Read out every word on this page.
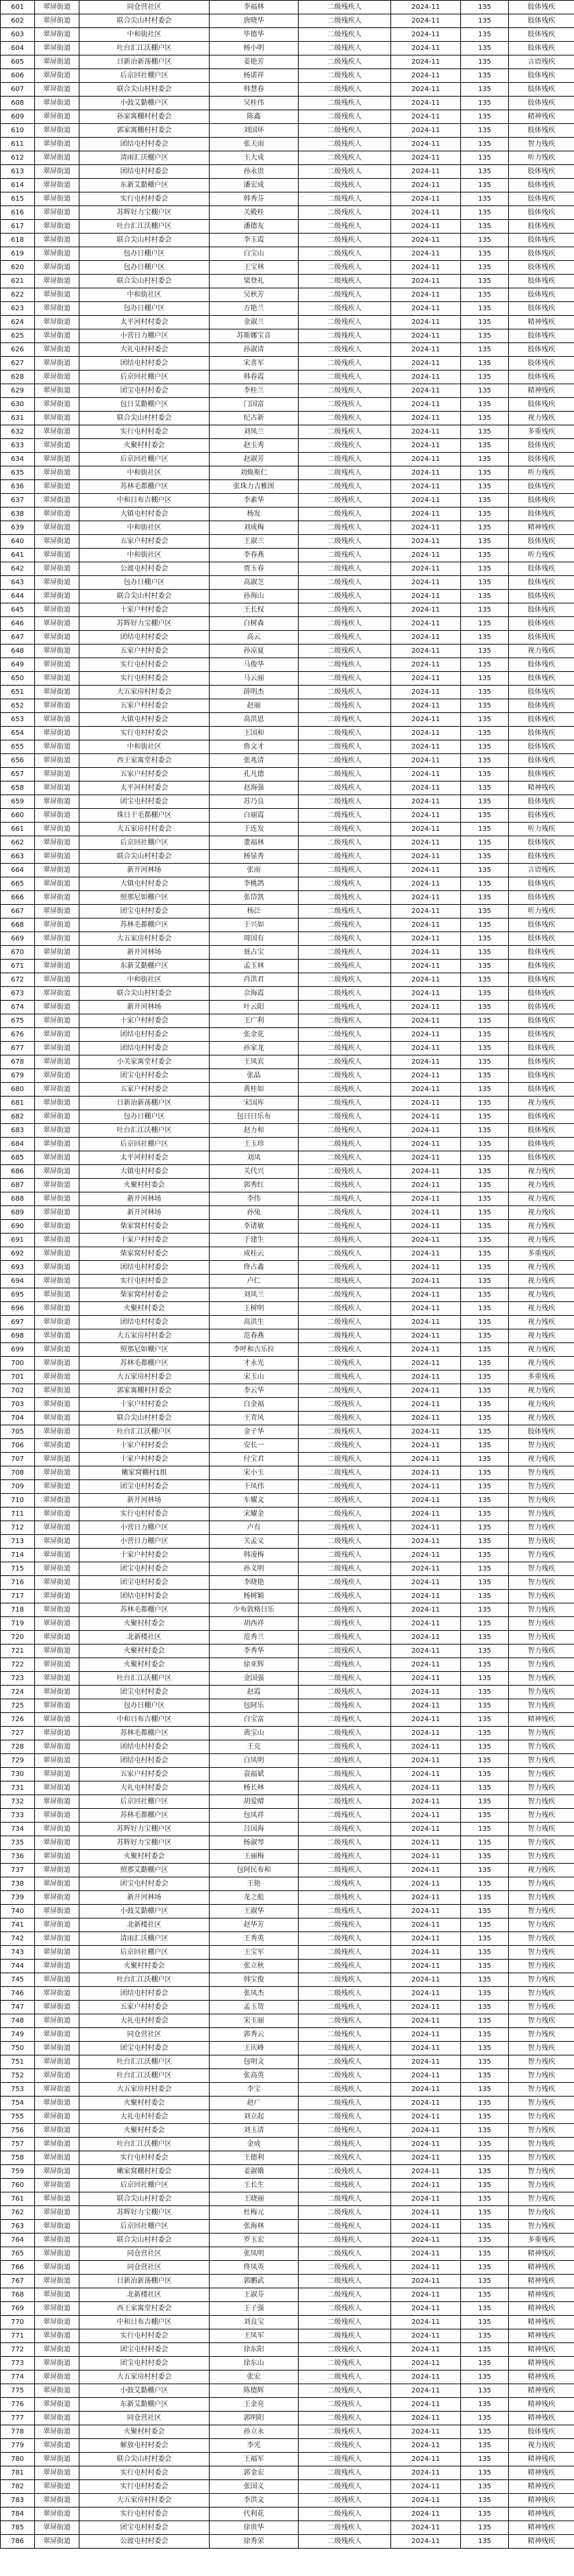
601	翠屏街道	同仓营社区	李福林	二级残疾人	2024-11	135	肢体残疾
602	翠屏街道	联合尖山村村委会	唐晓华	二级残疾人	2024-11	135	肢体残疾
603	翠屏街道	中和街社区	毕德华	二级残疾人	2024-11	135	肢体残疾
604	翠屏街道	吐台汇江沃棚户区	杨小明	二级残疾人	2024-11	135	肢体残疾
605	翠屏街道	日新冶新荡棚户区	姜艳芳	二级残疾人	2024-11	135	言语残疾
606	翠屏街道	后京回社棚户区	杨诺祥	二级残疾人	2024-11	135	肢体残疾
607	翠屏街道	联合尖山村村委会	韩慧春	二级残疾人	2024-11	135	肢体残疾
608	翠屏街道	小鼓艾勤棚户区	吴桂伟	二级残疾人	2024-11	135	肢体残疾
609	翠屏街道	孙家寓棚村村委会	陈鑫	二级残疾人	2024-11	135	精神残疾
610	翠屏街道	郭家寓棚村村委会	刘国环	二级残疾人	2024-11	135	肢体残疾
611	翠屏街道	团结屯村村委会	张天雨	二级残疾人	2024-11	135	智力残疾
612	翠屏街道	清雨汇沃棚户区	王大成	二级残疾人	2024-11	135	听力残疾
613	翠屏街道	团结屯村村委会	孙永贵	二级残疾人	2024-11	135	肢体残疾
614	翠屏街道	东新艾勤棚户区	潘宏成	二级残疾人	2024-11	135	肢体残疾
615	翠屏街道	实行屯村村委会	韩秀芬	二级残疾人	2024-11	135	肢体残疾
616	翠屏街道	苏辉好力宝棚户区	关殿桂	二级残疾人	2024-11	135	肢体残疾
617	翠屏街道	吐台汇江沃棚户区	潘德友	二级残疾人	2024-11	135	肢体残疾
618	翠屏街道	联合尖山村村委会	李玉霞	二级残疾人	2024-11	135	肢体残疾
619	翠屏街道	包办日棚户区	白宝山	二级残疾人	2024-11	135	肢体残疾
620	翠屏街道	包办日棚户区	王宝林	二级残疾人	2024-11	135	肢体残疾
621	翠屏街道	联合尖山村村委会	梁登礼	二级残疾人	2024-11	135	肢体残疾
622	翠屏街道	中和街社区	吴秋芳	二级残疾人	2024-11	135	肢体残疾
623	翠屏街道	包办日棚户区	方艳兰	二级残疾人	2024-11	135	肢体残疾
624	翠屏街道	太平河村村委会	金淑兰	二级残疾人	2024-11	135	精神残疾
625	翠屏街道	小营日力棚户区	苏斯娜宝音	二级残疾人	2024-11	135	肢体残疾
626	翠屏街道	大礼屯村村委会	孙淑清	二级残疾人	2024-11	135	肢体残疾
627	翠屏街道	团结屯村村委会	宋喜军	二级残疾人	2024-11	135	肢体残疾
628	翠屏街道	后京回社棚户区	韩春霞	二级残疾人	2024-11	135	肢体残疾
629	翠屏街道	团宝屯村村委会	李桂兰	二级残疾人	2024-11	135	精神残疾
630	翠屏街道	包日艾勤棚户区	门国富	二级残疾人	2024-11	135	肢体残疾
631	翠屏街道	联合尖山村村委会	纪占新	二级残疾人	2024-11	135	视力残疾
632	翠屏街道	实行屯村村委会	刘凤兰	二级残疾人	2024-11	135	多重残疾
633	翠屏街道	火聚村村委会	赵玉秀	二级残疾人	2024-11	135	肢体残疾
634	翠屏街道	后京回社棚户区	赵淑芳	二级残疾人	2024-11	135	肢体残疾
635	翠屏街道	中和街社区	刘焕斯仁	二级残疾人	2024-11	135	听力残疾
636	翠屏街道	苏林毛都棚户区	张珠力吉雅图	二级残疾人	2024-11	135	肢体残疾
637	翠屏街道	中和日布吉棚户区	李素华	二级残疾人	2024-11	135	肢体残疾
638	翠屏街道	大镇屯村村委会	杨发	二级残疾人	2024-11	135	肢体残疾
639	翠屏街道	中和街社区	刘成梅	二级残疾人	2024-11	135	精神残疾
640	翠屏街道	五家户村村委会	王淑兰	二级残疾人	2024-11	135	肢体残疾
641	翠屏街道	中和街社区	李春燕	二级残疾人	2024-11	135	听力残疾
642	翠屏街道	公渡屯村村委会	贾玉春	二级残疾人	2024-11	135	肢体残疾
643	翠屏街道	包办日棚户区	高淑芝	二级残疾人	2024-11	135	肢体残疾
644	翠屏街道	联合尖山村村委会	孙海山	二级残疾人	2024-11	135	肢体残疾
645	翠屏街道	十家户村村委会	王长权	二级残疾人	2024-11	135	肢体残疾
646	翠屏街道	苏辉好力宝棚户区	白树森	二级残疾人	2024-11	135	肢体残疾
647	翠屏街道	团结屯村村委会	高云	二级残疾人	2024-11	135	肢体残疾
648	翠屏街道	五家户村村委会	孙凉夏	二级残疾人	2024-11	135	视力残疾
649	翠屏街道	实行屯村村委会	马俊华	二级残疾人	2024-11	135	肢体残疾
650	翠屏街道	实行屯村村委会	马云丽	二级残疾人	2024-11	135	肢体残疾
651	翠屏街道	大五家房村村委会	薛明杰	二级残疾人	2024-11	135	肢体残疾
652	翠屏街道	五家户村村委会	赵丽	二级残疾人	2024-11	135	肢体残疾
653	翠屏街道	大镇屯村村委会	高洪恩	二级残疾人	2024-11	135	肢体残疾
654	翠屏街道	实行屯村村委会	王国和	二级残疾人	2024-11	135	肢体残疾
655	翠屏街道	中和街社区	詹文才	二级残疾人	2024-11	135	肢体残疾
656	翠屏街道	西王家寓堂村委会	张兆清	二级残疾人	2024-11	135	肢体残疾
657	翠屏街道	五家户村村委会	孔凡德	二级残疾人	2024-11	135	肢体残疾
658	翠屏街道	太平河村村委会	赵海强	二级残疾人	2024-11	135	精神残疾
659	翠屏街道	团宝屯村村委会	苏乃良	二级残疾人	2024-11	135	肢体残疾
660	翠屏街道	珠日干毛都棚户区	白丽霞	二级残疾人	2024-11	135	肢体残疾
661	翠屏街道	大五家房村村委会	于连发	二级残疾人	2024-11	135	听力残疾
662	翠屏街道	后京回社棚户区	董福林	二级残疾人	2024-11	135	肢体残疾
663	翠屏街道	联合尖山村村委会	杨显秀	二级残疾人	2024-11	135	肢体残疾
664	翠屏街道	新开河林场	张雨	二级残疾人	2024-11	135	言语残疾
665	翠屏街道	大镇屯村村委会	李桃鸽	二级残疾人	2024-11	135	肢体残疾
666	翠屏街道	照那尼如棚户区	张岱凯	二级残疾人	2024-11	135	肢体残疾
667	翠屏街道	团宝屯村村委会	杨泛	二级残疾人	2024-11	135	听力残疾
668	翠屏街道	苏林毛都棚户区	于兴如	二级残疾人	2024-11	135	肢体残疾
669	翠屏街道	大五家房村村委会	周国有	二级残疾人	2024-11	135	肢体残疾
670	翠屏街道	新开河林场	聂占宝	二级残疾人	2024-11	135	肢体残疾
671	翠屏街道	东新艾勤棚户区	孟玉林	二级残疾人	2024-11	135	肢体残疾
672	翠屏街道	中和街社区	肖洪君	二级残疾人	2024-11	135	肢体残疾
673	翠屏街道	联合尖山村村委会	佘海霞	二级残疾人	2024-11	135	肢体残疾
674	翠屏街道	新开河林场	叶云阳	二级残疾人	2024-11	135	肢体残疾
675	翠屏街道	十家户村村委会	王广利	二级残疾人	2024-11	135	肢体残疾
676	翠屏街道	团结屯村村委会	张金花	二级残疾人	2024-11	135	肢体残疾
677	翠屏街道	团结屯村村委会	孙家龙	二级残疾人	2024-11	135	肢体残疾
678	翠屏街道	小关家寓堂村委会	王凤宾	二级残疾人	2024-11	135	肢体残疾
679	翠屏街道	团宝屯村村委会	张晶	二级残疾人	2024-11	135	肢体残疾
680	翠屏街道	五家户村村委会	黄桂如	二级残疾人	2024-11	135	肢体残疾
681	翠屏街道	日新冶新荡棚户区	宋国库	二级残疾人	2024-11	135	视力残疾
682	翠屏街道	包办日棚户区	包日日乐布	二级残疾人	2024-11	135	肢体残疾
683	翠屏街道	吐台汇江沃棚户区	赵力和	二级残疾人	2024-11	135	肢体残疾
684	翠屏街道	后京回社棚户区	王玉珍	二级残疾人	2024-11	135	肢体残疾
685	翠屏街道	太平河村村委会	刘凤	二级残疾人	2024-11	135	肢体残疾
686	翠屏街道	大镇屯村村委会	关代兴	二级残疾人	2024-11	135	视力残疾
687	翠屏街道	火聚村村委会	郭秀红	二级残疾人	2024-11	135	视力残疾
688	翠屏街道	新开河林场	李伟	二级残疾人	2024-11	135	视力残疾
689	翠屏街道	新开河林场	孙兔	二级残疾人	2024-11	135	视力残疾
690	翠屏街道	柴家窝村村委会	李诸敏	二级残疾人	2024-11	135	视力残疾
691	翠屏街道	十家户村村委会	于建生	二级残疾人	2024-11	135	视力残疾
692	翠屏街道	柴家窝村村委会	成桂云	二级残疾人	2024-11	135	多重残疾
693	翠屏街道	团结屯村村委会	佟占鑫	二级残疾人	2024-11	135	视力残疾
694	翠屏街道	实行屯村村委会	卢仁	二级残疾人	2024-11	135	视力残疾
695	翠屏街道	柴家窝村村委会	刘凤兰	二级残疾人	2024-11	135	视力残疾
696	翠屏街道	火聚村村委会	王树明	二级残疾人	2024-11	135	视力残疾
697	翠屏街道	团结屯村村委会	高洪生	二级残疾人	2024-11	135	视力残疾
698	翠屏街道	大五家房村村委会	范春燕	二级残疾人	2024-11	135	视力残疾
699	翠屏街道	照那尼如棚户区	李呼和吉乐拉	二级残疾人	2024-11	135	视力残疾
700	翠屏街道	苏林毛都棚户区	才永光	二级残疾人	2024-11	135	视力残疾
701	翠屏街道	大五家房村村委会	宋玉山	二级残疾人	2024-11	135	多重残疾
702	翠屏街道	郭家寓棚村村委会	李云华	二级残疾人	2024-11	135	视力残疾
703	翠屏街道	十家户村村委会	白金福	二级残疾人	2024-11	135	视力残疾
704	翠屏街道	联合尖山村村委会	王青风	二级残疾人	2024-11	135	视力残疾
705	翠屏街道	吐台汇江沃棚户区	金子华	二级残疾人	2024-11	135	肢体残疾
706	翠屏街道	十家户村村委会	安长一	二级残疾人	2024-11	135	智力残疾
707	翠屏街道	十家户村村委会	付宝君	二级残疾人	2024-11	135	视力残疾
708	翠屏街道	嫩家窝棚村1组	宋小玉	二级残疾人	2024-11	135	智力残疾
709	翠屏街道	团宝屯村村委会	于凤伟	二级残疾人	2024-11	135	智力残疾
710	翠屏街道	新开河林场	车耀文	二级残疾人	2024-11	135	智力残疾
711	翠屏街道	实行屯村村委会	宋耀金	二级残疾人	2024-11	135	智力残疾
712	翠屏街道	小营日力棚户区	卢有	二级残疾人	2024-11	135	智力残疾
713	翠屏街道	小营日力棚户区	关孟义	二级残疾人	2024-11	135	智力残疾
714	翠屏街道	十家户村村委会	韩凌梅	二级残疾人	2024-11	135	智力残疾
715	翠屏街道	团宝屯村村委会	孙义明	二级残疾人	2024-11	135	智力残疾
716	翠屏街道	团宝屯村村委会	李晓艳	二级残疾人	2024-11	135	智力残疾
717	翠屏街道	团结屯村村委会	杨树颖	二级残疾人	2024-11	135	智力残疾
718	翠屏街道	苏林毛都棚户区	少布敦格日乐	二级残疾人	2024-11	135	智力残疾
719	翠屏街道	火聚村村委会	胡西祥	二级残疾人	2024-11	135	智力残疾
720	翠屏街道	北新楼社区	范秀兰	二级残疾人	2024-11	135	智力残疾
721	翠屏街道	火聚村村委会	李秀华	二级残疾人	2024-11	135	智力残疾
722	翠屏街道	火聚村村委会	徐亚辉	二级残疾人	2024-11	135	智力残疾
723	翠屏街道	吐台汇江沃棚户区	金国强	二级残疾人	2024-11	135	智力残疾
724	翠屏街道	团宝屯村村委会	赵霞	二级残疾人	2024-11	135	智力残疾
725	翠屏街道	包办日棚户区	包阿乐	二级残疾人	2024-11	135	智力残疾
726	翠屏街道	中和日布吉棚户区	白宝富	二级残疾人	2024-11	135	精神残疾
727	翠屏街道	苏林毛都棚户区	黄宝山	二级残疾人	2024-11	135	智力残疾
728	翠屏街道	团结屯村村委会	王克	二级残疾人	2024-11	135	智力残疾
729	翠屏街道	团结屯村村委会	白凤明	二级残疾人	2024-11	135	智力残疾
730	翠屏街道	五家户村村委会	袁福斌	二级残疾人	2024-11	135	智力残疾
731	翠屏街道	大礼屯村村委会	杨长林	二级残疾人	2024-11	135	智力残疾
732	翠屏街道	后京回社棚户区	胡爱晴	二级残疾人	2024-11	135	智力残疾
733	翠屏街道	苏林毛都棚户区	包凤祥	二级残疾人	2024-11	135	智力残疾
734	翠屏街道	苏辉好力宝棚户区	吕国海	二级残疾人	2024-11	135	智力残疾
735	翠屏街道	苏辉好力宝棚户区	杨淑琴	二级残疾人	2024-11	135	智力残疾
736	翠屏街道	火聚村村委会	王丽梅	二级残疾人	2024-11	135	智力残疾
737	翠屏街道	照那艾勤棚户区	包阿民布和	二级残疾人	2024-11	135	视力残疾
738	翠屏街道	团宝屯村村委会	王艳	二级残疾人	2024-11	135	智力残疾
739	翠屏街道	新开河林场	龙之彪	二级残疾人	2024-11	135	智力残疾
740	翠屏街道	小鼓艾勤棚户区	王淑华	二级残疾人	2024-11	135	智力残疾
741	翠屏街道	北新楼社区	赵华芳	二级残疾人	2024-11	135	智力残疾
742	翠屏街道	清雨汇沃棚户区	王秀英	二级残疾人	2024-11	135	智力残疾
743	翠屏街道	后京回社棚户区	王宝军	二级残疾人	2024-11	135	智力残疾
744	翠屏街道	火聚村村委会	张立秋	二级残疾人	2024-11	135	智力残疾
745	翠屏街道	吐台汇江沃棚户区	韩宝俊	二级残疾人	2024-11	135	智力残疾
746	翠屏街道	团结屯村村委会	张凤杰	二级残疾人	2024-11	135	智力残疾
747	翠屏街道	五家户村村委会	孟玉贺	二级残疾人	2024-11	135	智力残疾
748	翠屏街道	大礼屯村村委会	宋玉丽	二级残疾人	2024-11	135	智力残疾
749	翠屏街道	同仓营社区	郭秀云	二级残疾人	2024-11	135	智力残疾
750	翠屏街道	团宝屯村村委会	王庆峰	二级残疾人	2024-11	135	智力残疾
751	翠屏街道	吐台汇江沃棚户区	包明文	二级残疾人	2024-11	135	智力残疾
752	翠屏街道	吐台汇江沃棚户区	张高英	二级残疾人	2024-11	135	智力残疾
753	翠屏街道	大五家房村村委会	李宝	二级残疾人	2024-11	135	智力残疾
754	翠屏街道	火聚村村委会	赵广	二级残疾人	2024-11	135	智力残疾
755	翠屏街道	大礼屯村村委会	刘立起	二级残疾人	2024-11	135	智力残疾
756	翠屏街道	火聚村村委会	刘玉清	二级残疾人	2024-11	135	智力残疾
757	翠屏街道	吐台汇江沃棚户区	金成	二级残疾人	2024-11	135	智力残疾
758	翠屏街道	实行屯村村委会	王德利	二级残疾人	2024-11	135	智力残疾
759	翠屏街道	嫩家窝棚村村委会	姜淑娥	二级残疾人	2024-11	135	智力残疾
760	翠屏街道	后京回社棚户区	王长生	二级残疾人	2024-11	135	智力残疾
761	翠屏街道	联合尖山村村委会	王晓丽	二级残疾人	2024-11	135	智力残疾
762	翠屏街道	苏辉好力宝棚户区	杜梅元	二级残疾人	2024-11	135	智力残疾
763	翠屏街道	后京回社棚户区	张海林	二级残疾人	2024-11	135	智力残疾
764	翠屏街道	联合尖山村村委会	罗玉宏	二级残疾人	2024-11	135	多重残疾
765	翠屏街道	同仓营社区	张凤明	二级残疾人	2024-11	135	精神残疾
766	翠屏街道	同仓营社区	佟凤英	二级残疾人	2024-11	135	精神残疾
767	翠屏街道	日新冶新荡棚户区	郭鹏武	二级残疾人	2024-11	135	精神残疾
768	翠屏街道	北新楼社区	王淑芬	二级残疾人	2024-11	135	精神残疾
769	翠屏街道	西王家寓堂村委会	王子强	二级残疾人	2024-11	135	精神残疾
770	翠屏街道	中和日布吉棚户区	刘良宝	二级残疾人	2024-11	135	精神残疾
771	翠屏街道	实行屯村村委会	王凤军	二级残疾人	2024-11	135	精神残疾
772	翠屏街道	团宝屯村村委会	徐东阳	二级残疾人	2024-11	135	精神残疾
773	翠屏街道	团宝屯村村委会	徐东山	二级残疾人	2024-11	135	精神残疾
774	翠屏街道	大五家房村村委会	张宏	二级残疾人	2024-11	135	精神残疾
775	翠屏街道	小鼓艾勤棚户区	陈德辉	二级残疾人	2024-11	135	精神残疾
776	翠屏街道	东新艾勤棚户区	王金亮	二级残疾人	2024-11	135	精神残疾
777	翠屏街道	同仓营社区	郭明阳	二级残疾人	2024-11	135	精神残疾
778	翠屏街道	火聚村村委会	孙立永	二级残疾人	2024-11	135	肢体残疾
779	翠屏街道	解放屯村村委会	李光	二级残疾人	2024-11	135	视力残疾
780	翠屏街道	联合尖山村村委会	王福军	二级残疾人	2024-11	135	精神残疾
781	翠屏街道	实行屯村村委会	郭金宏	二级残疾人	2024-11	135	精神残疾
782	翠屏街道	实行屯村村委会	张国义	二级残疾人	2024-11	135	精神残疾
783	翠屏街道	大五家房村村委会	李洪文	二级残疾人	2024-11	135	精神残疾
784	翠屏街道	实行屯村村委会	代利花	二级残疾人	2024-11	135	精神残疾
785	翠屏街道	团宝屯村村委会	徐贵华	二级残疾人	2024-11	135	精神残疾
786	翠屏街道	公渡屯村村委会	徐秀荣	二级残疾人	2024-11	135	精神残疾
